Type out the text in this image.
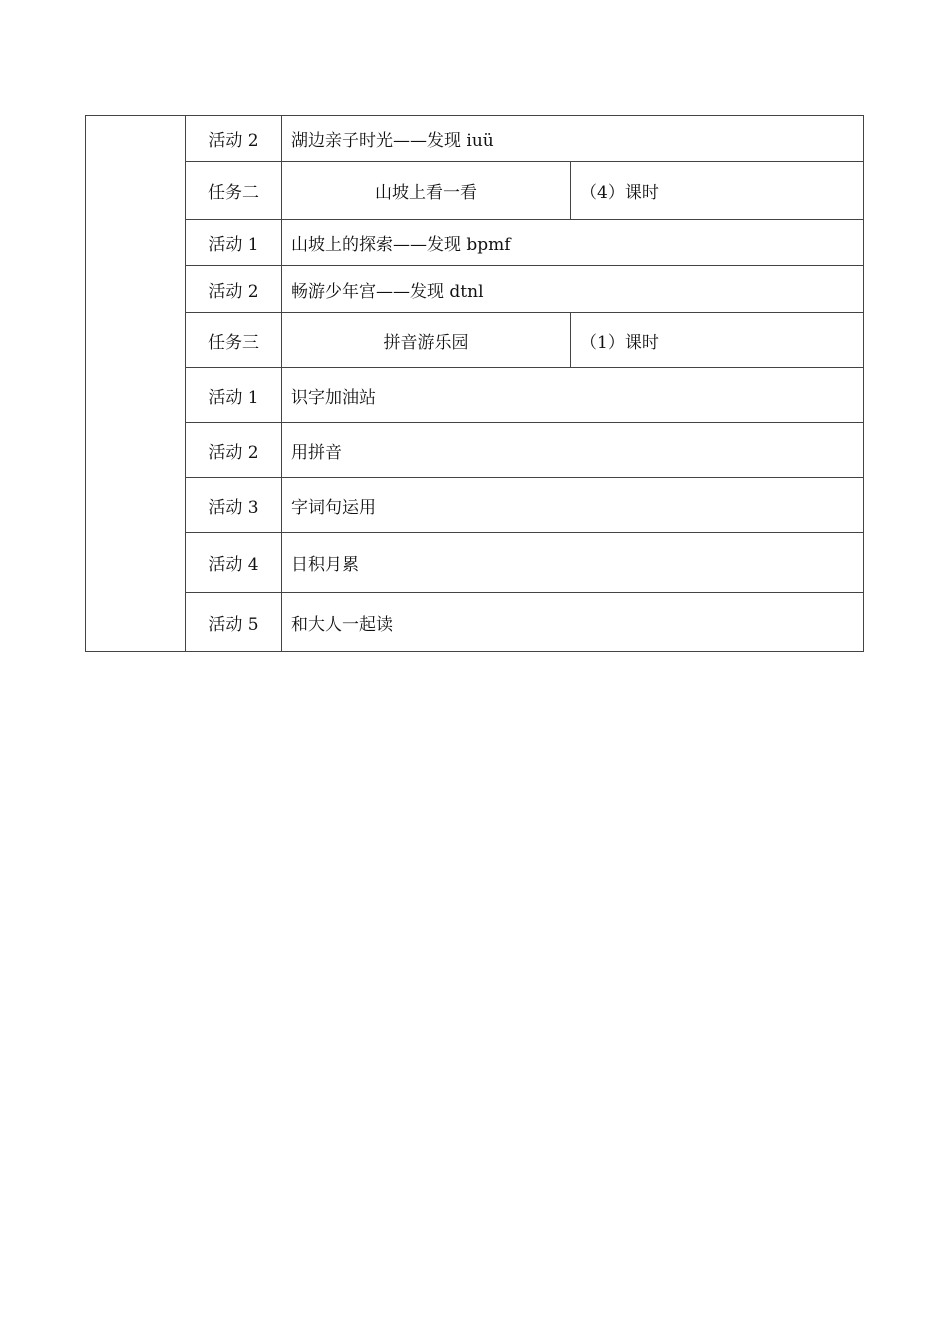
	活动 2	湖边亲子时光——发现 iuü	
	任务二	山坡上看一看	（4）课时
	活动 1	山坡上的探索——发现 bpmf	
	活动 2	畅游少年宫——发现 dtnl	
	任务三	拼音游乐园	（1）课时
	活动 1	识字加油站	
	活动 2	用拼音	
	活动 3	字词句运用	
	活动 4	日积月累	
	活动 5	和大人一起读	
